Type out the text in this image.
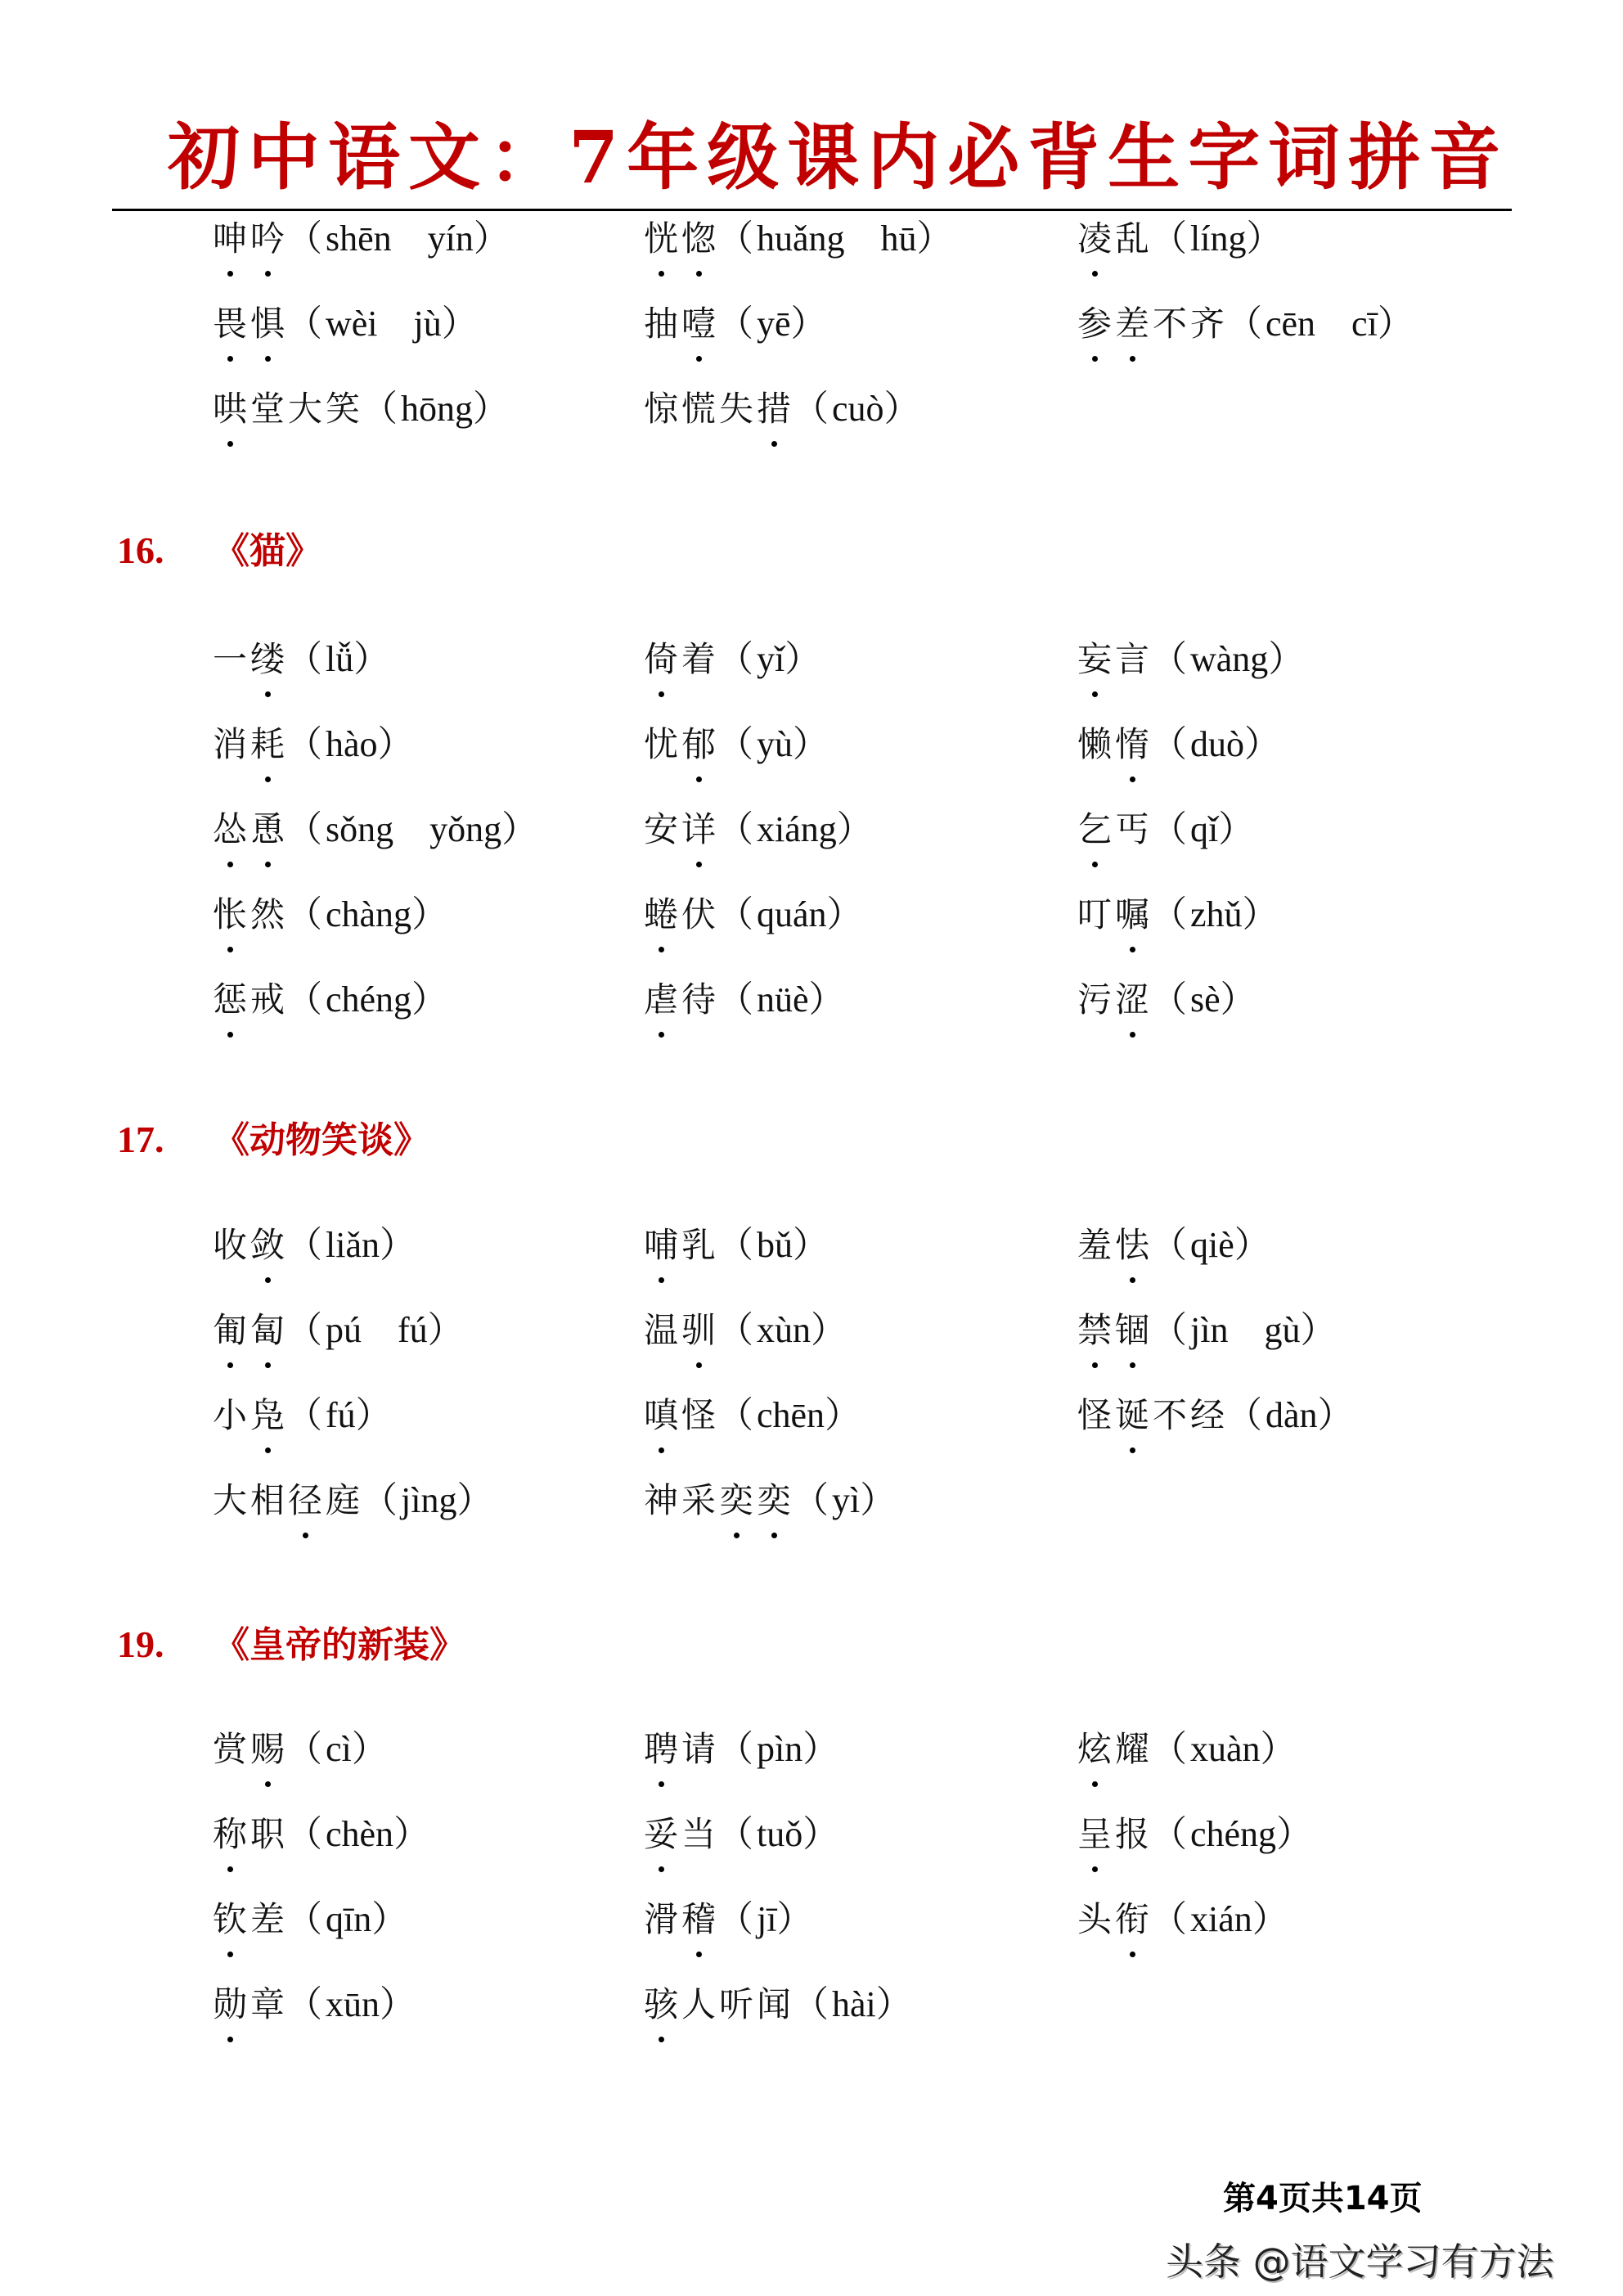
初中语文：7年级课内必背生字词拼音
呻吟（shēn　yín）	恍惚（huǎng　hū）	凌乱（líng）
畏惧（wèi　jù）	抽噎（yē）	参差不齐（cēn　cī）
哄堂大笑（hōng）	惊慌失措（cuò）
16. 《猫》
一缕（lǚ）	倚着（yǐ）	妄言（wàng）
消耗（hào）	忧郁（yù）	懒惰（duò）
怂恿（sǒng　yǒng）	安详（xiáng）	乞丐（qǐ）
怅然（chàng）	蜷伏（quán）	叮嘱（zhǔ）
惩戒（chéng）	虐待（nüè）	污涩（sè）
17. 《动物笑谈》
收敛（liǎn）	哺乳（bǔ）	羞怯（qiè）
匍匐（pú　fú）	温驯（xùn）	禁锢（jìn　gù）
小凫（fú）	嗔怪（chēn）	怪诞不经（dàn）
大相径庭（jìng）	神采奕奕（yì）
19. 《皇帝的新装》
赏赐（cì）	聘请（pìn）	炫耀（xuàn）
称职（chèn）	妥当（tuǒ）	呈报（chéng）
钦差（qīn）	滑稽（jī）	头衔（xián）
勋章（xūn）	骇人听闻（hài）
第4页共14页
头条 @语文学习有方法
